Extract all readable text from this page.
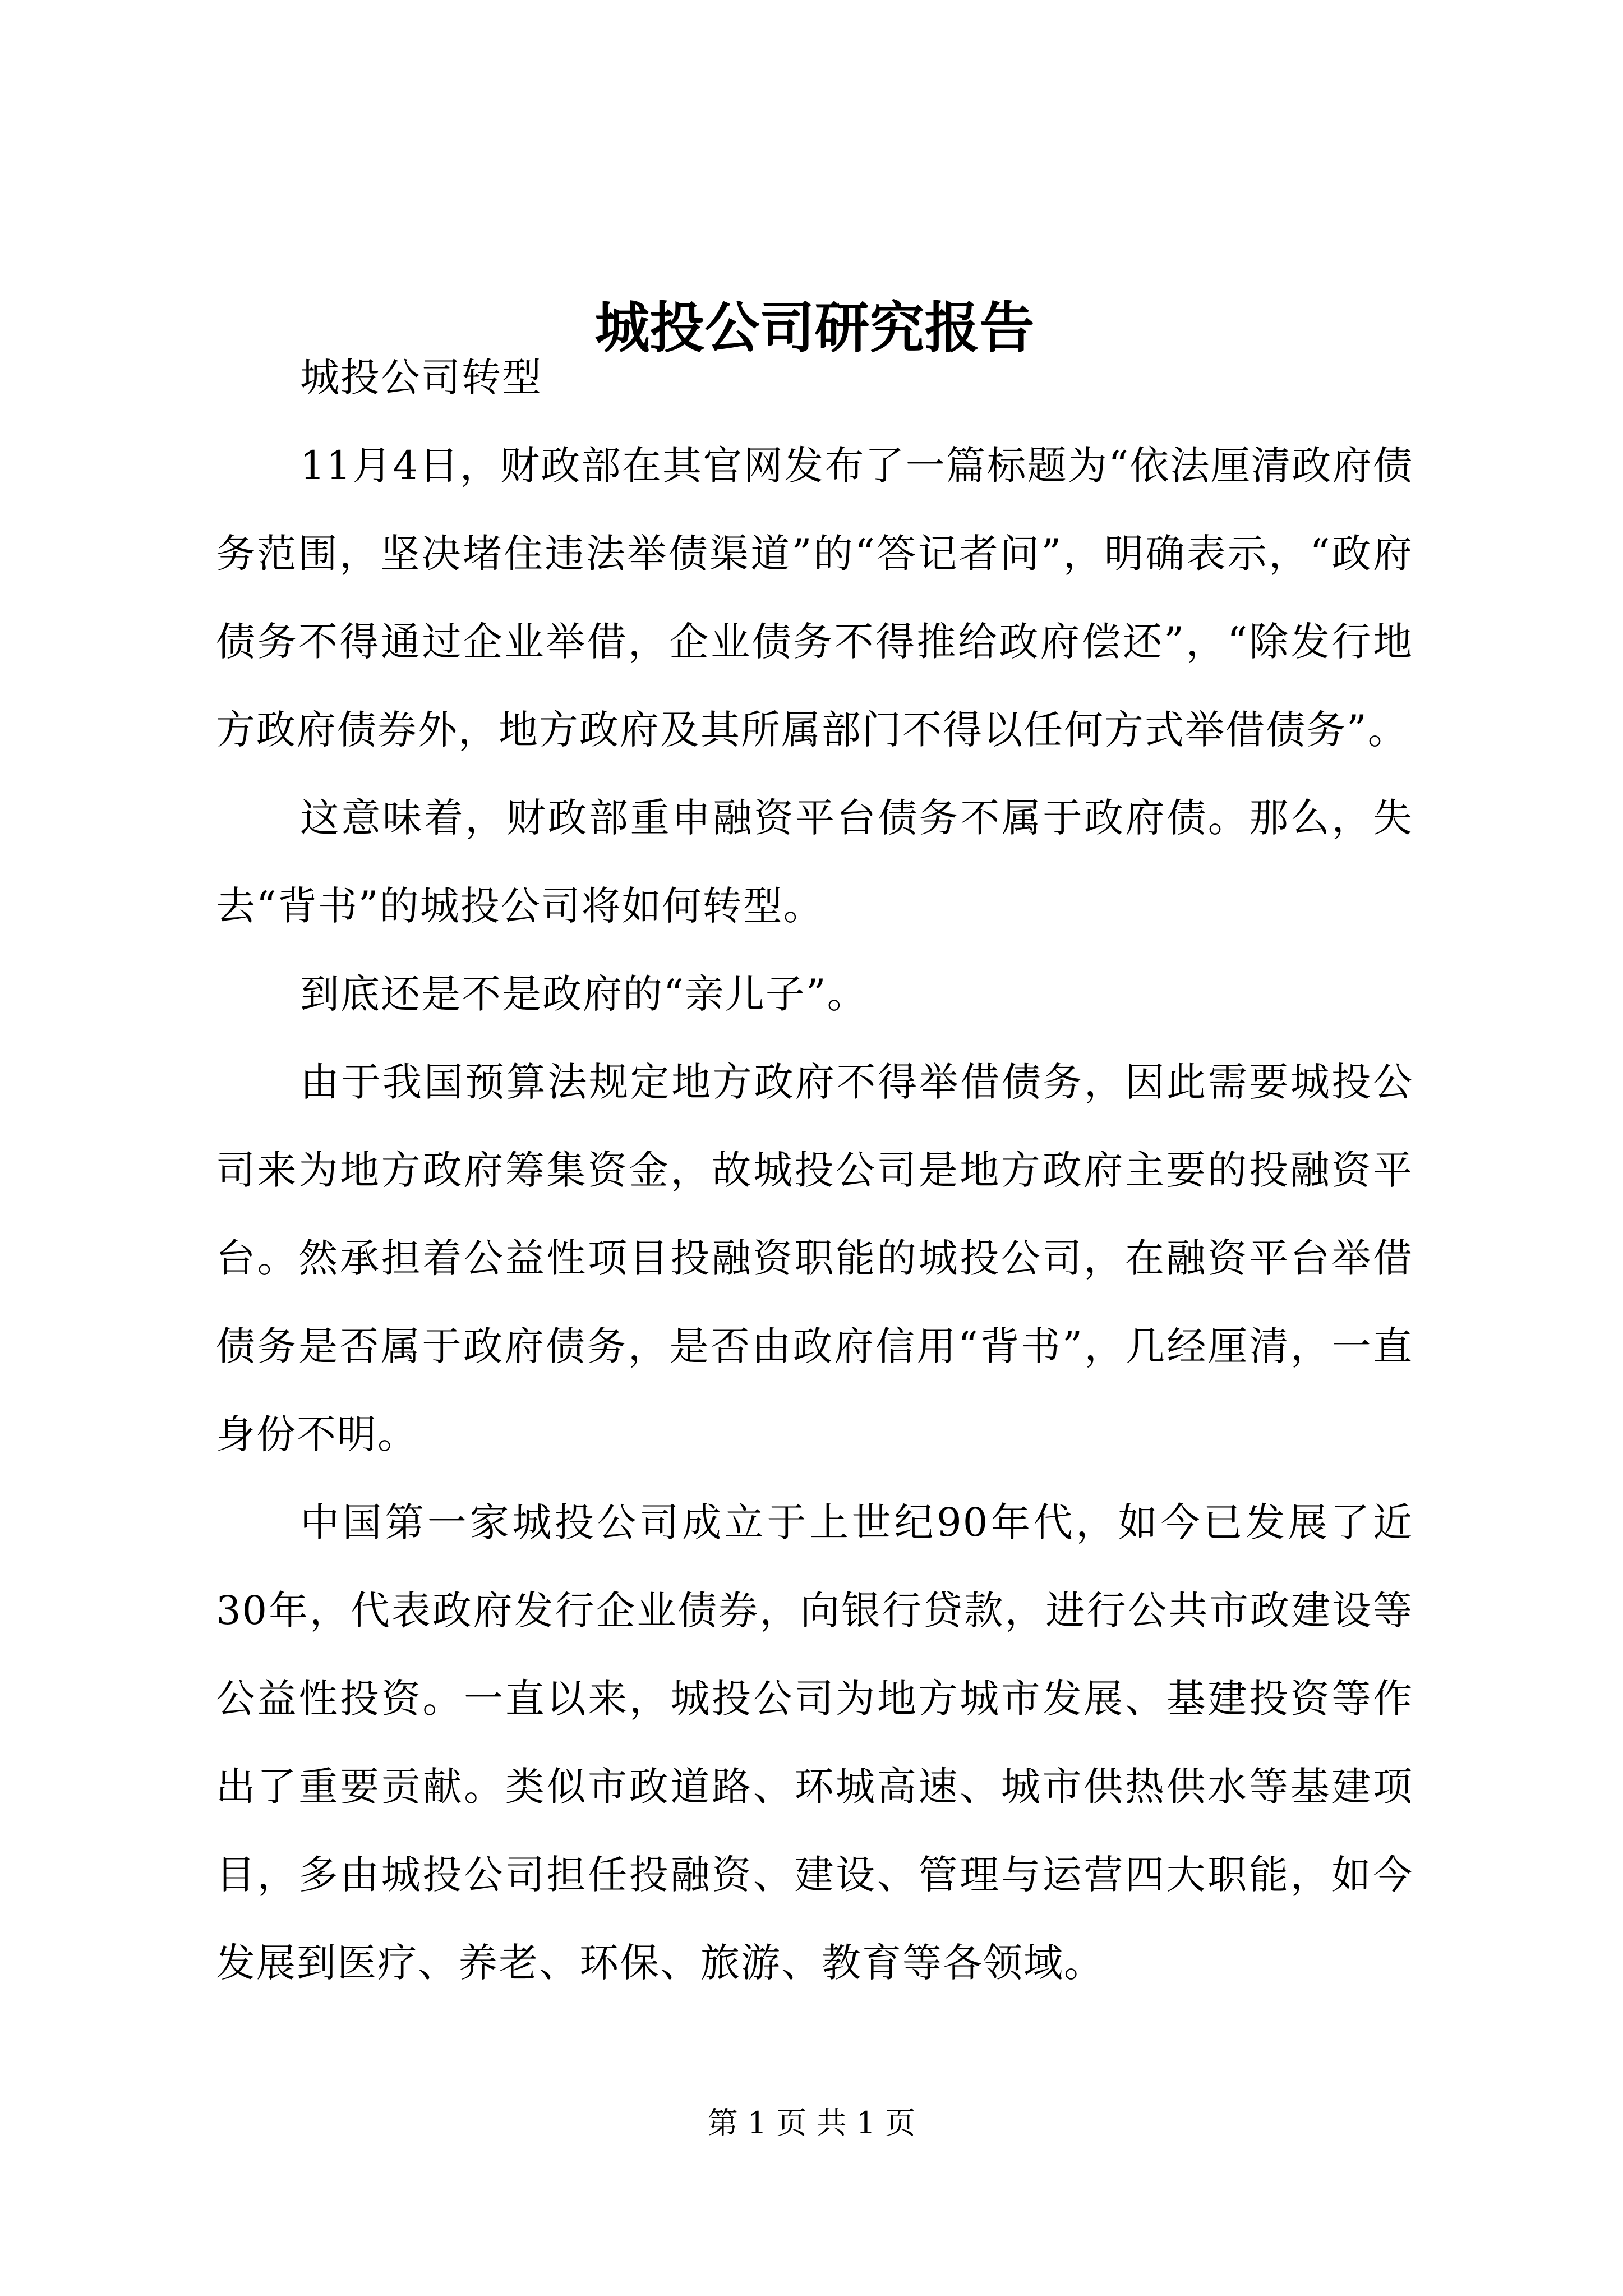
城投公司研究报告

城投公司转型

11月4日，财政部在其官网发布了一篇标题为“依法厘清政府债务范围，坚决堵住违法举债渠道”的“答记者问”，明确表示，“政府债务不得通过企业举借，企业债务不得推给政府偿还”，“除发行地方政府债券外，地方政府及其所属部门不得以任何方式举借债务”。

这意味着，财政部重申融资平台债务不属于政府债。那么，失去“背书”的城投公司将如何转型。

到底还是不是政府的“亲儿子”。

由于我国预算法规定地方政府不得举借债务，因此需要城投公司来为地方政府筹集资金，故城投公司是地方政府主要的投融资平台。然承担着公益性项目投融资职能的城投公司，在融资平台举借债务是否属于政府债务，是否由政府信用“背书”，几经厘清，一直身份不明。

中国第一家城投公司成立于上世纪90年代，如今已发展了近30年，代表政府发行企业债券，向银行贷款，进行公共市政建设等公益性投资。一直以来，城投公司为地方城市发展、基建投资等作出了重要贡献。类似市政道路、环城高速、城市供热供水等基建项目，多由城投公司担任投融资、建设、管理与运营四大职能，如今发展到医疗、养老、环保、旅游、教育等各领域。

第 1 页 共 1 页
